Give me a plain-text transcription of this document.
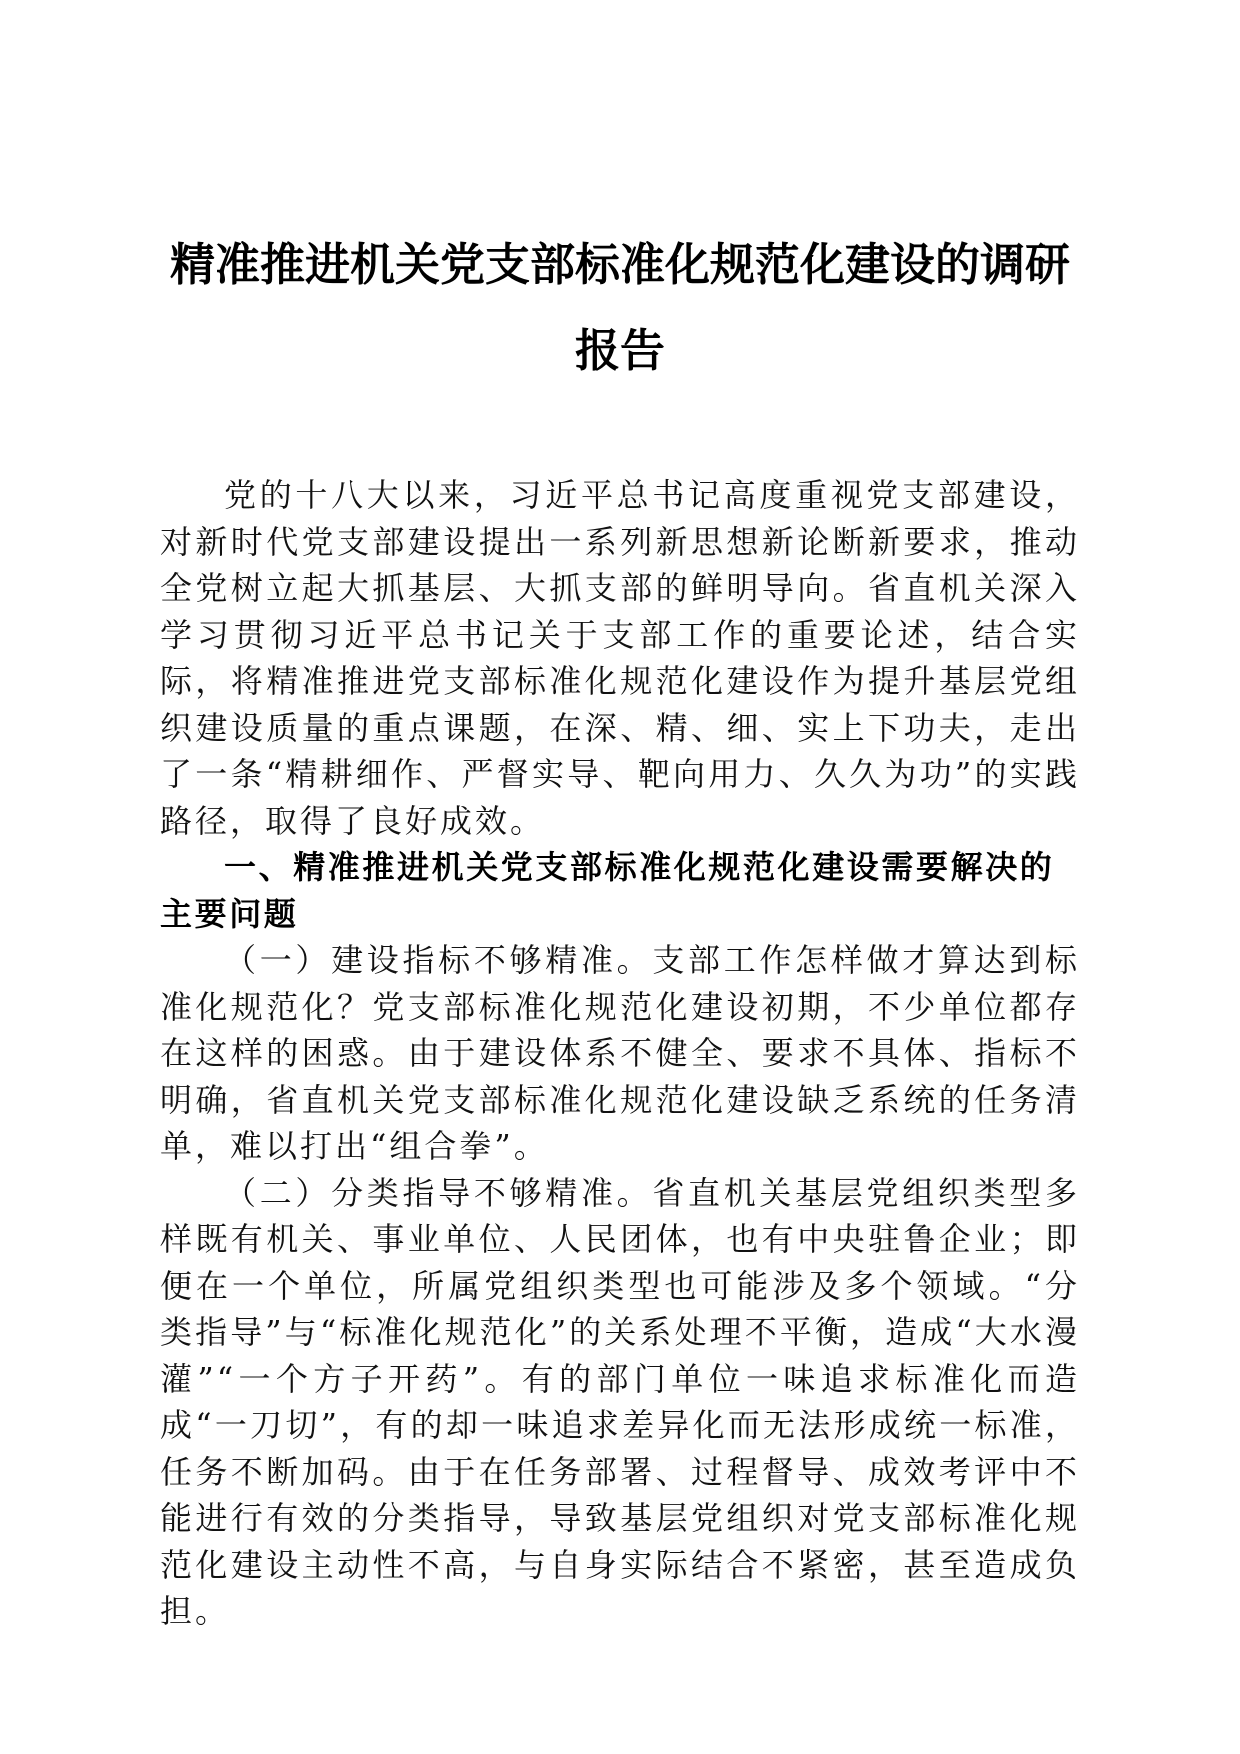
精准推进机关党支部标准化规范化建设的调研
报告

党的十八大以来，习近平总书记高度重视党支部建设，对新时代党支部建设提出一系列新思想新论断新要求，推动全党树立起大抓基层、大抓支部的鲜明导向。省直机关深入学习贯彻习近平总书记关于支部工作的重要论述，结合实际，将精准推进党支部标准化规范化建设作为提升基层党组织建设质量的重点课题，在深、精、细、实上下功夫，走出了一条“精耕细作、严督实导、靶向用力、久久为功”的实践路径，取得了良好成效。

一、精准推进机关党支部标准化规范化建设需要解决的主要问题

（一）建设指标不够精准。支部工作怎样做才算达到标准化规范化？党支部标准化规范化建设初期，不少单位都存在这样的困惑。由于建设体系不健全、要求不具体、指标不明确，省直机关党支部标准化规范化建设缺乏系统的任务清单，难以打出“组合拳”。

（二）分类指导不够精准。省直机关基层党组织类型多样既有机关、事业单位、人民团体，也有中央驻鲁企业；即便在一个单位，所属党组织类型也可能涉及多个领域。“分类指导”与“标准化规范化”的关系处理不平衡，造成“大水漫灌”“一个方子开药”。有的部门单位一味追求标准化而造成“一刀切”，有的却一味追求差异化而无法形成统一标准，任务不断加码。由于在任务部署、过程督导、成效考评中不能进行有效的分类指导，导致基层党组织对党支部标准化规范化建设主动性不高，与自身实际结合不紧密，甚至造成负担。
